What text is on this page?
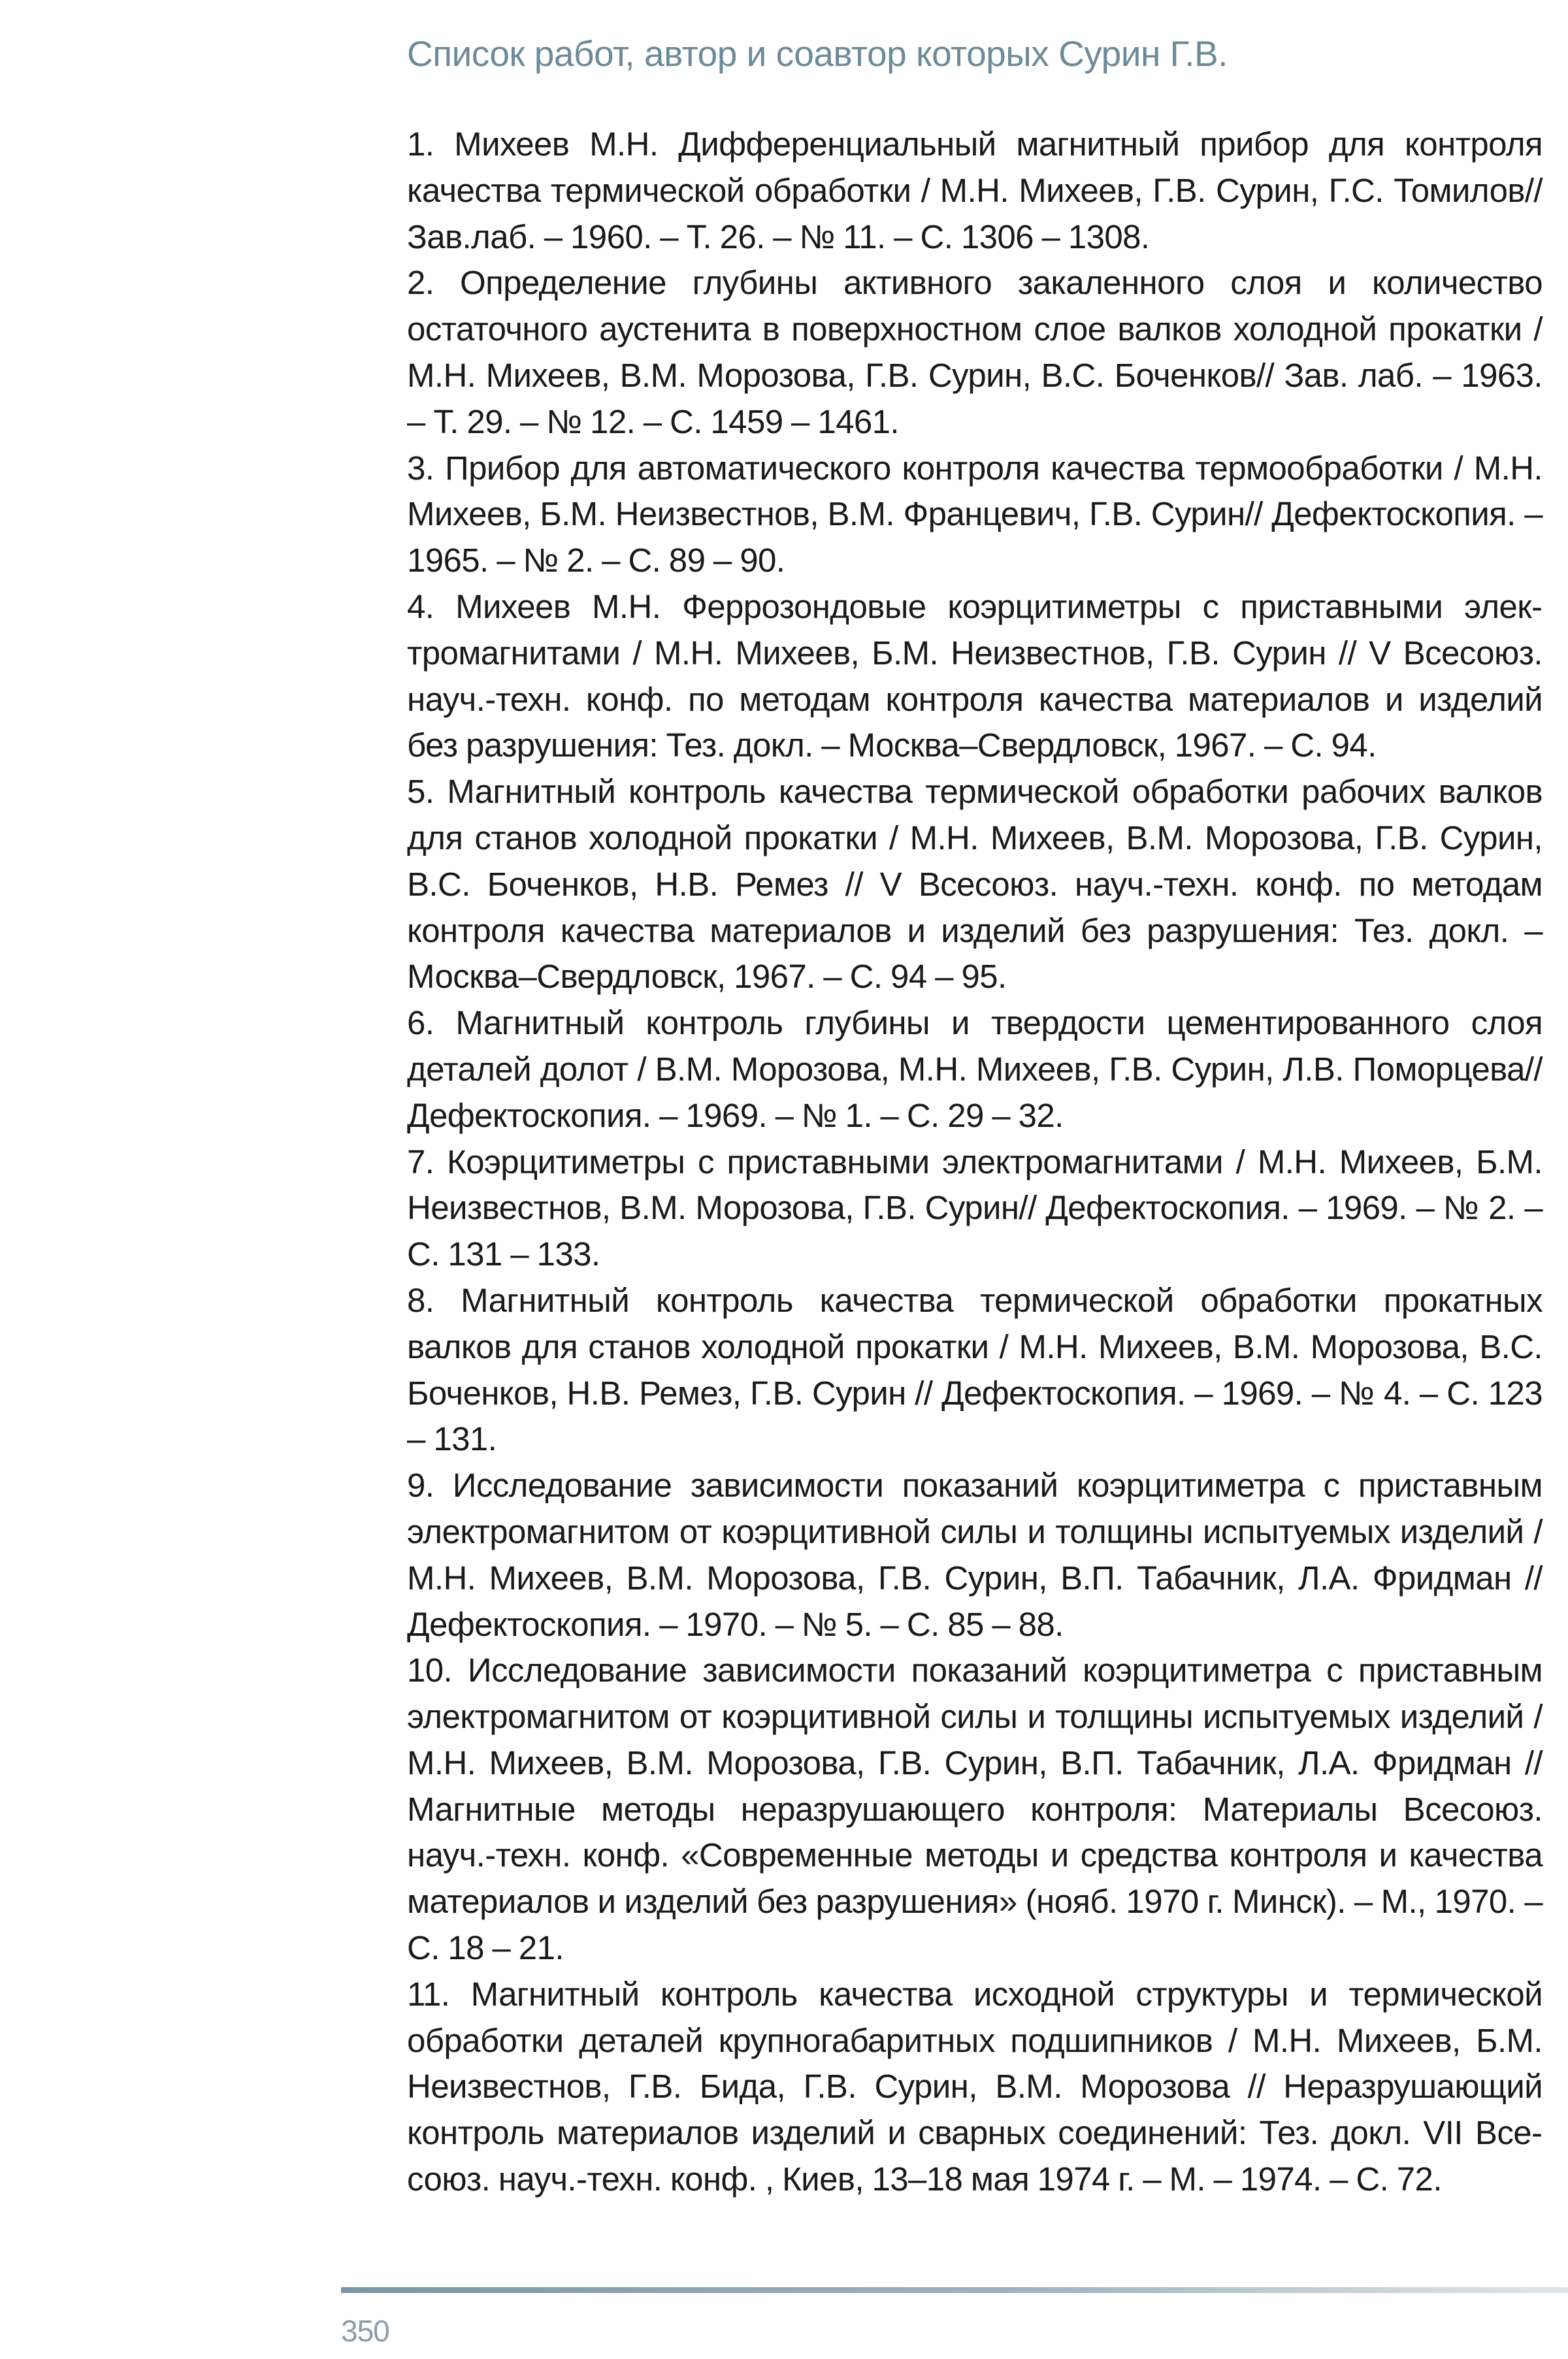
Список работ, автор и соавтор которых Сурин Г.В.
1. Михеев М.Н. Дифференциальный магнитный прибор для контроля качества термической обработки / М.Н. Михеев, Г.В. Сурин, Г.С. Томилов// Зав.лаб. – 1960. – Т. 26. – № 11. – С. 1306 – 1308.
2. Определение глубины активного закаленного слоя и количество остаточного аустенита в поверхностном слое валков холодной прокатки / М.Н. Михеев, В.М. Морозова, Г.В. Сурин, В.С. Боченков// Зав. лаб. – 1963. – Т. 29. – № 12. – С. 1459 – 1461.
3. Прибор для автоматического контроля качества термообработки / М.Н. Михеев, Б.М. Неизвестнов, В.М. Францевич, Г.В. Сурин// Дефектоскопия. – 1965. – № 2. – С. 89 – 90.
4. Михеев М.Н. Феррозондовые коэрцитиметры с приставными электромагнитами / М.Н. Михеев, Б.М. Неизвестнов, Г.В. Сурин // V Всесоюз. науч.-техн. конф. по методам контроля качества материалов и изделий без разрушения: Тез. докл. – Москва–Свердловск, 1967. – С. 94.
5. Магнитный контроль качества термической обработки рабочих валков для станов холодной прокатки / М.Н. Михеев, В.М. Морозова, Г.В. Сурин, В.С. Боченков, Н.В. Ремез // V Всесоюз. науч.-техн. конф. по методам контроля качества материалов и изделий без разрушения: Тез. докл. – Москва–Свердловск, 1967. – С. 94 – 95.
6. Магнитный контроль глубины и твердости цементированного слоя деталей долот / В.М. Морозова, М.Н. Михеев, Г.В. Сурин, Л.В. Поморцева// Дефектоскопия. – 1969. – № 1. – С. 29 – 32.
7. Коэрцитиметры с приставными электромагнитами / М.Н. Михеев, Б.М. Неизвестнов, В.М. Морозова, Г.В. Сурин// Дефектоскопия. – 1969. – № 2. – С. 131 – 133.
8. Магнитный контроль качества термической обработки прокатных валков для станов холодной прокатки / М.Н. Михеев, В.М. Морозова, В.С. Боченков, Н.В. Ремез, Г.В. Сурин // Дефектоскопия. – 1969. – № 4. – С. 123 – 131.
9. Исследование зависимости показаний коэрцитиметра с приставным электромагнитом от коэрцитивной силы и толщины испытуемых изделий / М.Н. Михеев, В.М. Морозова, Г.В. Сурин, В.П. Табачник, Л.А. Фридман // Дефектоскопия. – 1970. – № 5. – С. 85 – 88.
10. Исследование зависимости показаний коэрцитиметра с приставным электромагнитом от коэрцитивной силы и толщины испытуемых изделий / М.Н. Михеев, В.М. Морозова, Г.В. Сурин, В.П. Табачник, Л.А. Фридман // Магнитные методы неразрушающего контроля: Материалы Всесоюз. науч.-техн. конф. «Современные методы и средства контроля и качества материалов и изделий без разрушения» (нояб. 1970 г. Минск). – М., 1970. – С. 18 – 21.
11. Магнитный контроль качества исходной структуры и термической обработки деталей крупногабаритных подшипников / М.Н. Михеев, Б.М. Неизвестнов, Г.В. Бида, Г.В. Сурин, В.М. Морозова // Неразрушающий контроль материалов изделий и сварных соединений: Тез. докл. VII Всесоюз. науч.-техн. конф. , Киев, 13–18 мая 1974 г. – М. – 1974. – С. 72.
350
